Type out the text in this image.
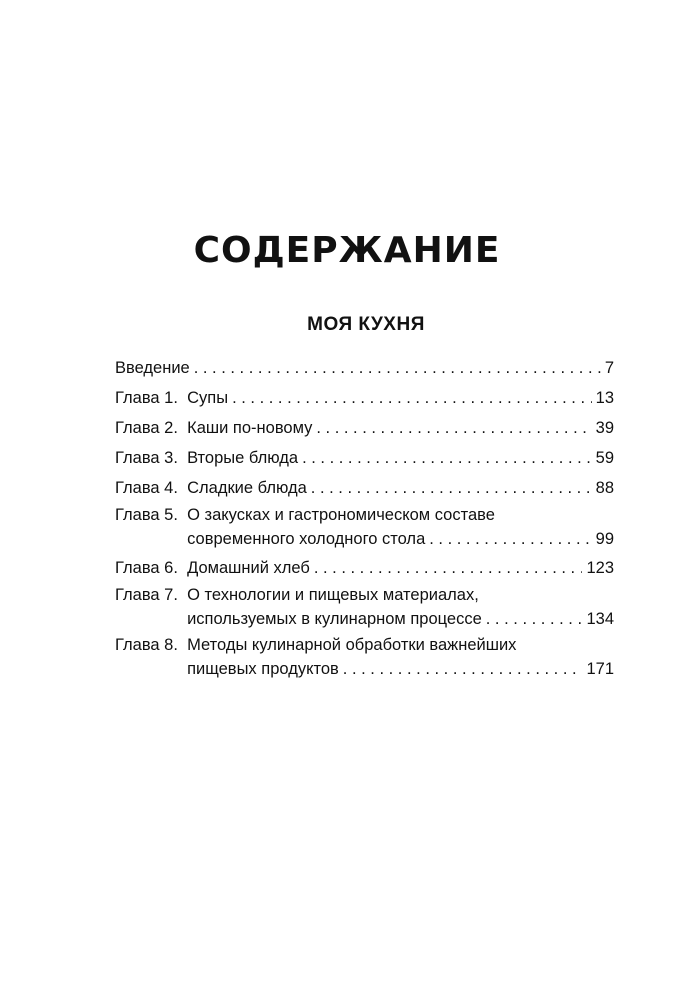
СОДЕРЖАНИЕ
МОЯ КУХНЯ
Введение . . .	7
Глава 1. Супы . . .	13
Глава 2. Каши по-новому . . .	39
Глава 3. Вторые блюда . . .	59
Глава 4. Сладкие блюда . . .	88
Глава 5. О закусках и гастрономическом составе
современного холодного стола . . .	99
Глава 6. Домашний хлеб . . .	123
Глава 7. О технологии и пищевых материалах,
используемых в кулинарном процессе . . .	134
Глава 8. Методы кулинарной обработки важнейших
пищевых продуктов . . .	171
